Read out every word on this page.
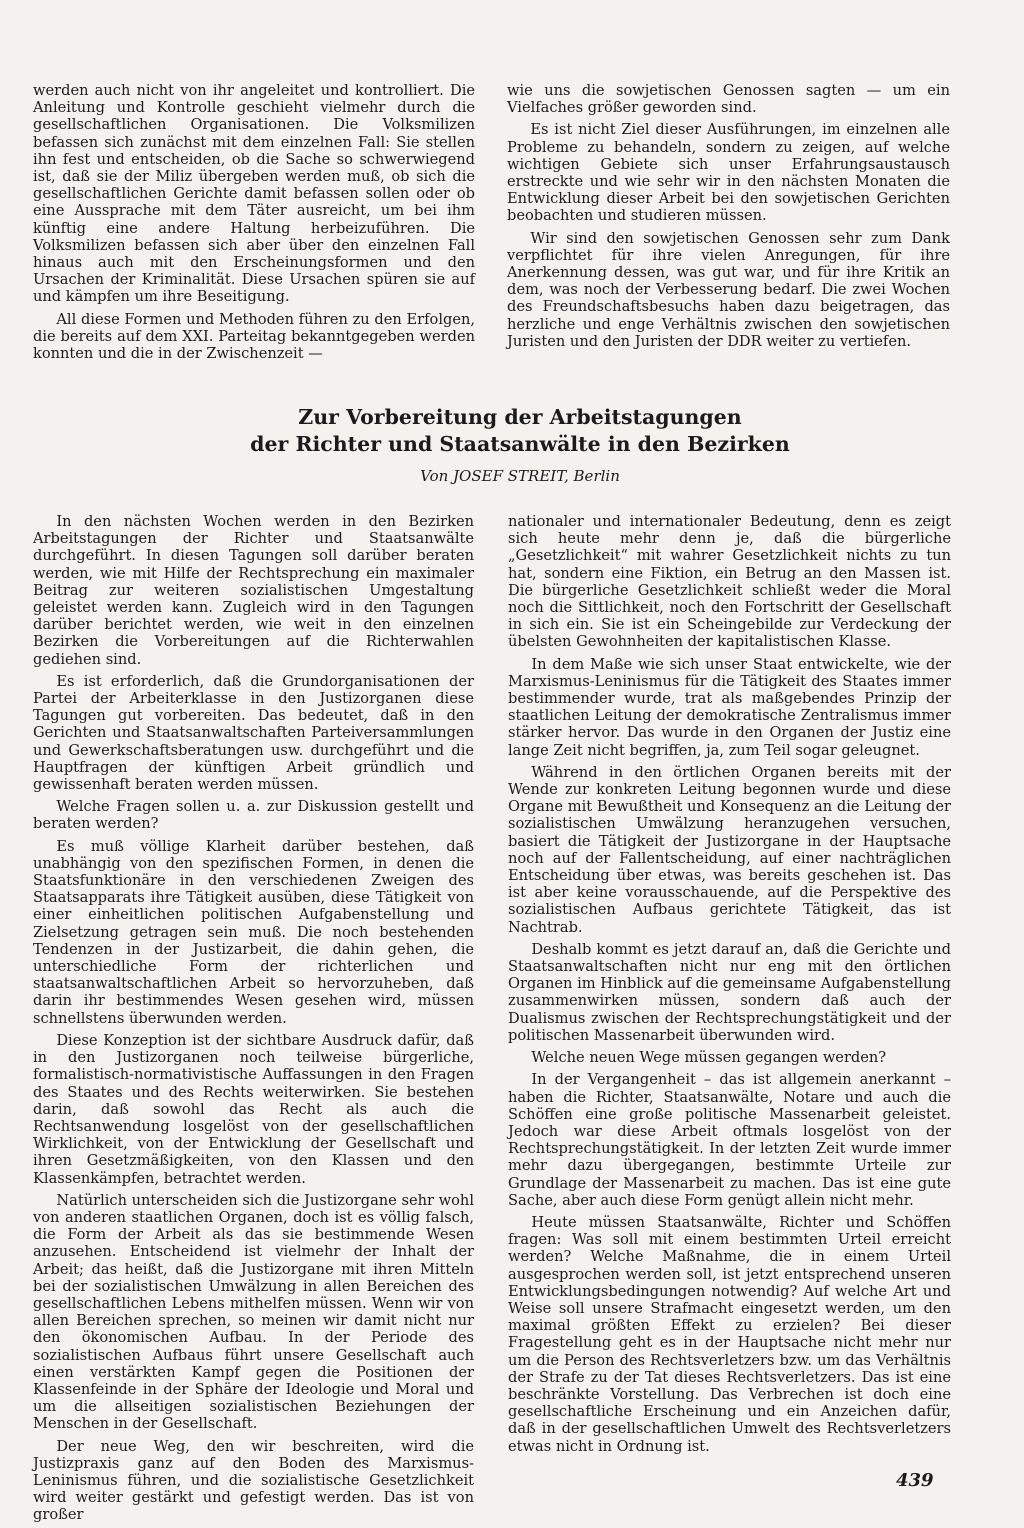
werden auch nicht von ihr angeleitet und kontrolliert. Die Anleitung und Kontrolle geschieht vielmehr durch die gesellschaftlichen Organisationen. Die Volksmilizen befassen sich zunächst mit dem einzelnen Fall: Sie stellen ihn fest und entscheiden, ob die Sache so schwerwiegend ist, daß sie der Miliz übergeben werden muß, ob sich die gesellschaftlichen Gerichte damit befassen sollen oder ob eine Aussprache mit dem Täter ausreicht, um bei ihm künftig eine andere Haltung herbeizuführen. Die Volksmilizen befassen sich aber über den einzelnen Fall hinaus auch mit den Erscheinungsformen und den Ursachen der Kriminalität. Diese Ursachen spüren sie auf und kämpfen um ihre Beseitigung.

All diese Formen und Methoden führen zu den Erfolgen, die bereits auf dem XXI. Parteitag bekanntgegeben werden konnten und die in der Zwischenzeit —

wie uns die sowjetischen Genossen sagten — um ein Vielfaches größer geworden sind.

Es ist nicht Ziel dieser Ausführungen, im einzelnen alle Probleme zu behandeln, sondern zu zeigen, auf welche wichtigen Gebiete sich unser Erfahrungsaustausch erstreckte und wie sehr wir in den nächsten Monaten die Entwicklung dieser Arbeit bei den sowjetischen Gerichten beobachten und studieren müssen.

Wir sind den sowjetischen Genossen sehr zum Dank verpflichtet für ihre vielen Anregungen, für ihre Anerkennung dessen, was gut war, und für ihre Kritik an dem, was noch der Verbesserung bedarf. Die zwei Wochen des Freundschaftsbesuchs haben dazu beigetragen, das herzliche und enge Verhältnis zwischen den sowjetischen Juristen und den Juristen der DDR weiter zu vertiefen.

Zur Vorbereitung der Arbeitstagungen
der Richter und Staatsanwälte in den Bezirken
Von JOSEF STREIT, Berlin

In den nächsten Wochen werden in den Bezirken Arbeitstagungen der Richter und Staatsanwälte durchgeführt. In diesen Tagungen soll darüber beraten werden, wie mit Hilfe der Rechtsprechung ein maximaler Beitrag zur weiteren sozialistischen Umgestaltung geleistet werden kann. Zugleich wird in den Tagungen darüber berichtet werden, wie weit in den einzelnen Bezirken die Vorbereitungen auf die Richterwahlen gediehen sind.

Es ist erforderlich, daß die Grundorganisationen der Partei der Arbeiterklasse in den Justizorganen diese Tagungen gut vorbereiten. Das bedeutet, daß in den Gerichten und Staatsanwaltschaften Parteiversammlungen und Gewerkschaftsberatungen usw. durchgeführt und die Hauptfragen der künftigen Arbeit gründlich und gewissenhaft beraten werden müssen.

Welche Fragen sollen u. a. zur Diskussion gestellt und beraten werden?

Es muß völlige Klarheit darüber bestehen, daß unabhängig von den spezifischen Formen, in denen die Staatsfunktionäre in den verschiedenen Zweigen des Staatsapparats ihre Tätigkeit ausüben, diese Tätigkeit von einer einheitlichen politischen Aufgabenstellung und Zielsetzung getragen sein muß. Die noch bestehenden Tendenzen in der Justizarbeit, die dahin gehen, die unterschiedliche Form der richterlichen und staatsanwaltschaftlichen Arbeit so hervorzuheben, daß darin ihr bestimmendes Wesen gesehen wird, müssen schnellstens überwunden werden.

Diese Konzeption ist der sichtbare Ausdruck dafür, daß in den Justizorganen noch teilweise bürgerliche, formalistisch-normativistische Auffassungen in den Fragen des Staates und des Rechts weiterwirken. Sie bestehen darin, daß sowohl das Recht als auch die Rechtsanwendung losgelöst von der gesellschaftlichen Wirklichkeit, von der Entwicklung der Gesellschaft und ihren Gesetzmäßigkeiten, von den Klassen und den Klassenkämpfen, betrachtet werden.

Natürlich unterscheiden sich die Justizorgane sehr wohl von anderen staatlichen Organen, doch ist es völlig falsch, die Form der Arbeit als das sie bestimmende Wesen anzusehen. Entscheidend ist vielmehr der Inhalt der Arbeit; das heißt, daß die Justizorgane mit ihren Mitteln bei der sozialistischen Umwälzung in allen Bereichen des gesellschaftlichen Lebens mithelfen müssen. Wenn wir von allen Bereichen sprechen, so meinen wir damit nicht nur den ökonomischen Aufbau. In der Periode des sozialistischen Aufbaus führt unsere Gesellschaft auch einen verstärkten Kampf gegen die Positionen der Klassenfeinde in der Sphäre der Ideologie und Moral und um die allseitigen sozialistischen Beziehungen der Menschen in der Gesellschaft.

Der neue Weg, den wir beschreiten, wird die Justizpraxis ganz auf den Boden des Marxismus-Leninismus führen, und die sozialistische Gesetzlichkeit wird weiter gestärkt und gefestigt werden. Das ist von großer

nationaler und internationaler Bedeutung, denn es zeigt sich heute mehr denn je, daß die bürgerliche „Gesetzlichkeit“ mit wahrer Gesetzlichkeit nichts zu tun hat, sondern eine Fiktion, ein Betrug an den Massen ist. Die bürgerliche Gesetzlichkeit schließt weder die Moral noch die Sittlichkeit, noch den Fortschritt der Gesellschaft in sich ein. Sie ist ein Scheingebilde zur Verdeckung der übelsten Gewohnheiten der kapitalistischen Klasse.

In dem Maße wie sich unser Staat entwickelte, wie der Marxismus-Leninismus für die Tätigkeit des Staates immer bestimmender wurde, trat als maßgebendes Prinzip der staatlichen Leitung der demokratische Zentralismus immer stärker hervor. Das wurde in den Organen der Justiz eine lange Zeit nicht begriffen, ja, zum Teil sogar geleugnet.

Während in den örtlichen Organen bereits mit der Wende zur konkreten Leitung begonnen wurde und diese Organe mit Bewußtheit und Konsequenz an die Leitung der sozialistischen Umwälzung heranzugehen versuchen, basiert die Tätigkeit der Justizorgane in der Hauptsache noch auf der Fallentscheidung, auf einer nachträglichen Entscheidung über etwas, was bereits geschehen ist. Das ist aber keine vorausschauende, auf die Perspektive des sozialistischen Aufbaus gerichtete Tätigkeit, das ist Nachtrab.

Deshalb kommt es jetzt darauf an, daß die Gerichte und Staatsanwaltschaften nicht nur eng mit den örtlichen Organen im Hinblick auf die gemeinsame Aufgabenstellung zusammenwirken müssen, sondern daß auch der Dualismus zwischen der Rechtsprechungstätigkeit und der politischen Massenarbeit überwunden wird.

Welche neuen Wege müssen gegangen werden?

In der Vergangenheit – das ist allgemein anerkannt – haben die Richter, Staatsanwälte, Notare und auch die Schöffen eine große politische Massenarbeit geleistet. Jedoch war diese Arbeit oftmals losgelöst von der Rechtsprechungstätigkeit. In der letzten Zeit wurde immer mehr dazu übergegangen, bestimmte Urteile zur Grundlage der Massenarbeit zu machen. Das ist eine gute Sache, aber auch diese Form genügt allein nicht mehr.

Heute müssen Staatsanwälte, Richter und Schöffen fragen: Was soll mit einem bestimmten Urteil erreicht werden? Welche Maßnahme, die in einem Urteil ausgesprochen werden soll, ist jetzt entsprechend unseren Entwicklungsbedingungen notwendig? Auf welche Art und Weise soll unsere Strafmacht eingesetzt werden, um den maximal größten Effekt zu erzielen? Bei dieser Fragestellung geht es in der Hauptsache nicht mehr nur um die Person des Rechtsverletzers bzw. um das Verhältnis der Strafe zu der Tat dieses Rechtsverletzers. Das ist eine beschränkte Vorstellung. Das Verbrechen ist doch eine gesellschaftliche Erscheinung und ein Anzeichen dafür, daß in der gesellschaftlichen Umwelt des Rechtsverletzers etwas nicht in Ordnung ist.

439
